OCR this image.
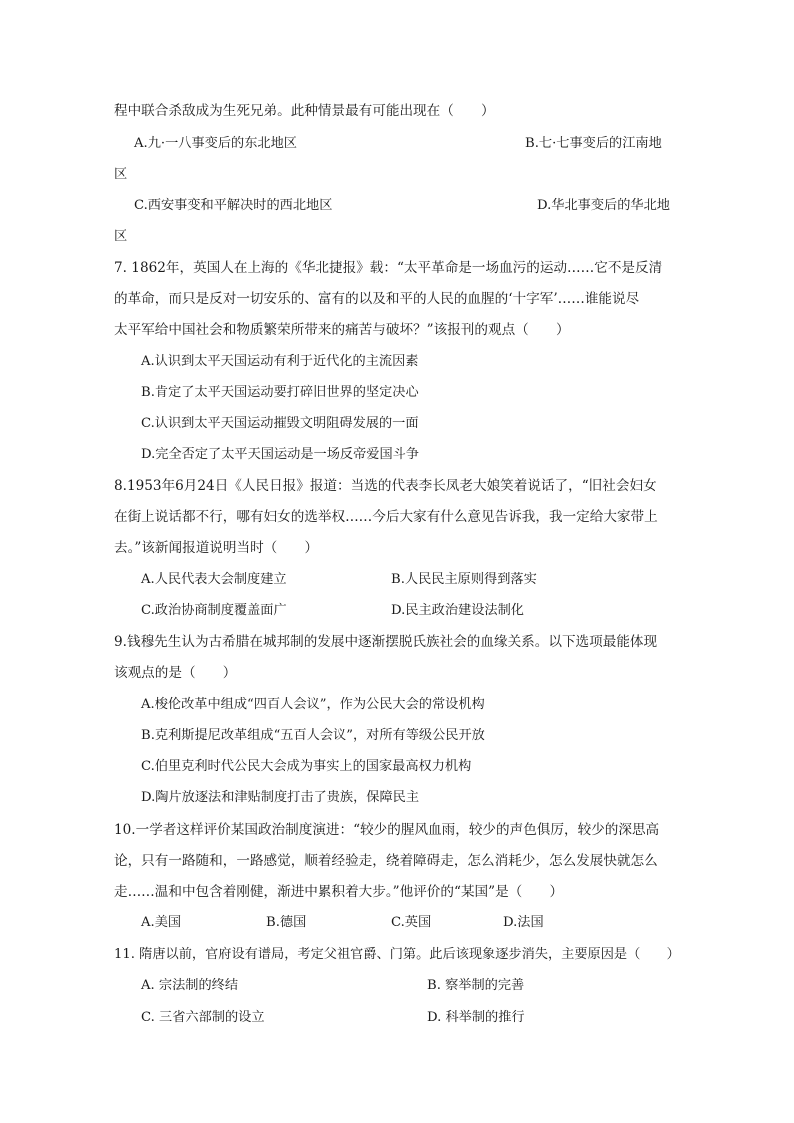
程中联合杀敌成为生死兄弟。此种情景最有可能出现在（　　）
A.九·一八事变后的东北地区	B.七·七事变后的江南地
区
C.西安事变和平解决时的西北地区	D.华北事变后的华北地
区
7. 1862年，英国人在上海的《华北捷报》载：“太平革命是一场血污的运动……它不是反清
的革命，而只是反对一切安乐的、富有的以及和平的人民的血腥的‘十字军’……谁能说尽
太平军给中国社会和物质繁荣所带来的痛苦与破坏？”该报刊的观点（　　）
A.认识到太平天国运动有利于近代化的主流因素
B.肯定了太平天国运动要打碎旧世界的坚定决心
C.认识到太平天国运动摧毁文明阻碍发展的一面
D.完全否定了太平天国运动是一场反帝爱国斗争
8.1953年6月24日《人民日报》报道：当选的代表李长凤老大娘笑着说话了，“旧社会妇女
在街上说话都不行，哪有妇女的选举权……今后大家有什么意见告诉我，我一定给大家带上
去。”该新闻报道说明当时（　　）
A.人民代表大会制度建立	B.人民民主原则得到落实
C.政治协商制度覆盖面广	D.民主政治建设法制化
9.钱穆先生认为古希腊在城邦制的发展中逐渐摆脱氏族社会的血缘关系。以下选项最能体现
该观点的是（　　）
A.梭伦改革中组成“四百人会议”，作为公民大会的常设机构
B.克利斯提尼改革组成“五百人会议”，对所有等级公民开放
C.伯里克利时代公民大会成为事实上的国家最高权力机构
D.陶片放逐法和津贴制度打击了贵族，保障民主
10.一学者这样评价某国政治制度演进：“较少的腥风血雨，较少的声色俱厉，较少的深思高
论，只有一路随和，一路感觉，顺着经验走，绕着障碍走，怎么消耗少，怎么发展快就怎么
走……温和中包含着刚健，渐进中累积着大步。”他评价的“某国”是（　　）
A.美国	B.德国	C.英国	D.法国
11. 隋唐以前，官府设有谱局，考定父祖官爵、门第。此后该现象逐步消失，主要原因是（　　）
A. 宗法制的终结	B. 察举制的完善
C. 三省六部制的设立	D. 科举制的推行
